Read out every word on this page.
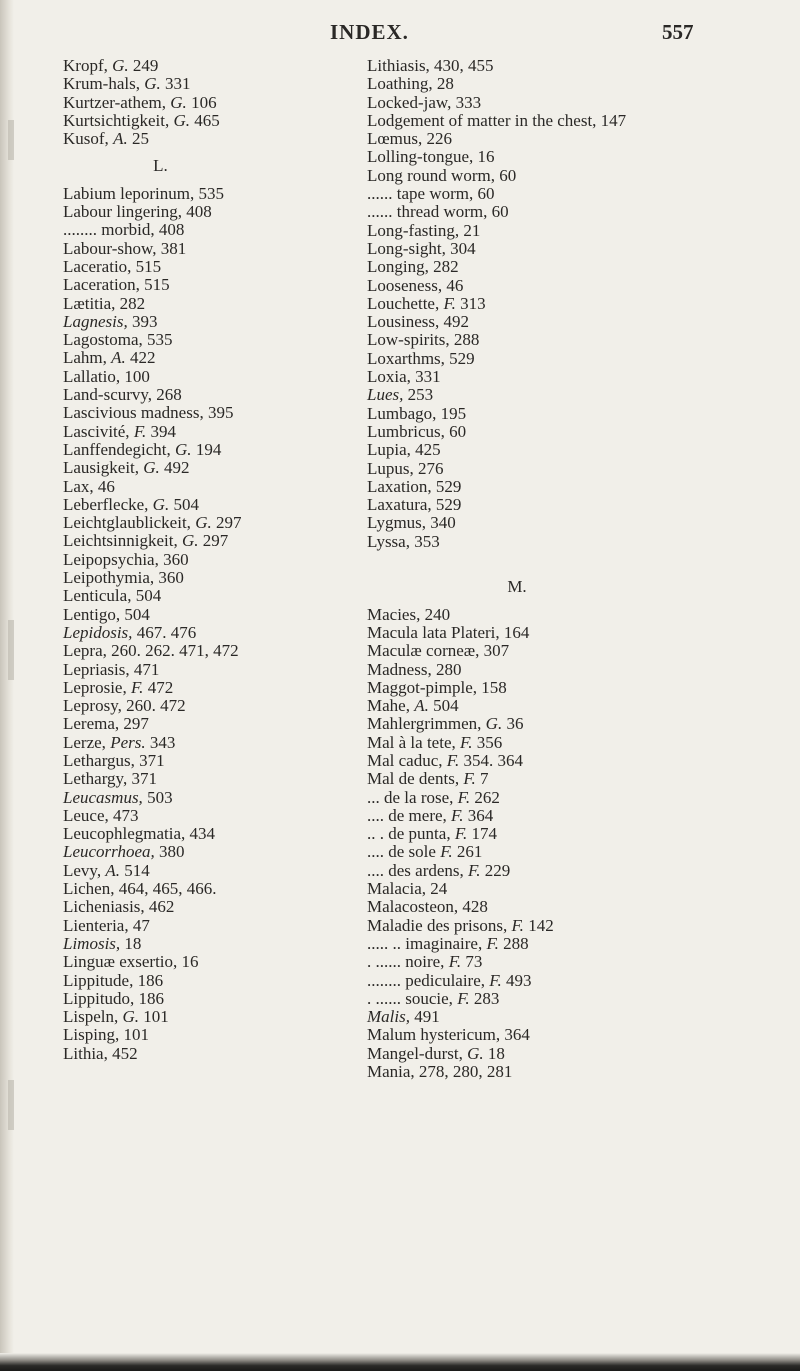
INDEX.	557
Kropf, G. 249
Krum-hals, G. 331
Kurtzer-athem, G. 106
Kurtsichtigkeit, G. 465
Kusof, A. 25
L.
Labium leporinum, 535
Labour lingering, 408
........ morbid, 408
Labour-show, 381
Laceratio, 515
Laceration, 515
Lætitia, 282
Lagnesis, 393
Lagostoma, 535
Lahm, A. 422
Lallatio, 100
Land-scurvy, 268
Lascivious madness, 395
Lascivité, F. 394
Lanffendegicht, G. 194
Lausigkeit, G. 492
Lax, 46
Leberflecke, G. 504
Leichtglaublickeit, G. 297
Leichtsinnigkeit, G. 297
Leipopsychia, 360
Leipothymia, 360
Lenticula, 504
Lentigo, 504
Lepidosis, 467. 476
Lepra, 260. 262. 471, 472
Lepriasis, 471
Leprosie, F. 472
Leprosy, 260. 472
Lerema, 297
Lerze, Pers. 343
Lethargus, 371
Lethargy, 371
Leucasmus, 503
Leuce, 473
Leucophlegmatia, 434
Leucorrhoea, 380
Levy, A. 514
Lichen, 464, 465, 466.
Licheniasis, 462
Lienteria, 47
Limosis, 18
Linguæ exsertio, 16
Lippitude, 186
Lippitudo, 186
Lispeln, G. 101
Lisping, 101
Lithia, 452
Lithiasis, 430, 455
Loathing, 28
Locked-jaw, 333
Lodgement of matter in the chest, 147
Lœmus, 226
Lolling-tongue, 16
Long round worm, 60
...... tape worm, 60
...... thread worm, 60
Long-fasting, 21
Long-sight, 304
Longing, 282
Looseness, 46
Louchette, F. 313
Lousiness, 492
Low-spirits, 288
Loxarthms, 529
Loxia, 331
Lues, 253
Lumbago, 195
Lumbricus, 60
Lupia, 425
Lupus, 276
Laxation, 529
Laxatura, 529
Lygmus, 340
Lyssa, 353
M.
Macies, 240
Macula lata Plateri, 164
Maculæ corneæ, 307
Madness, 280
Maggot-pimple, 158
Mahe, A. 504
Mahlergrimmen, G. 36
Mal à la tete, F. 356
Mal caduc, F. 354. 364
Mal de dents, F. 7
... de la rose, F. 262
.... de mere, F. 364
.. . de punta, F. 174
.... de sole F. 261
.... des ardens, F. 229
Malacia, 24
Malacosteon, 428
Maladie des prisons, F. 142
..... .. imaginaire, F. 288
. ...... noire, F. 73
........ pediculaire, F. 493
. ...... soucie, F. 283
Malis, 491
Malum hystericum, 364
Mangel-durst, G. 18
Mania, 278, 280, 281
